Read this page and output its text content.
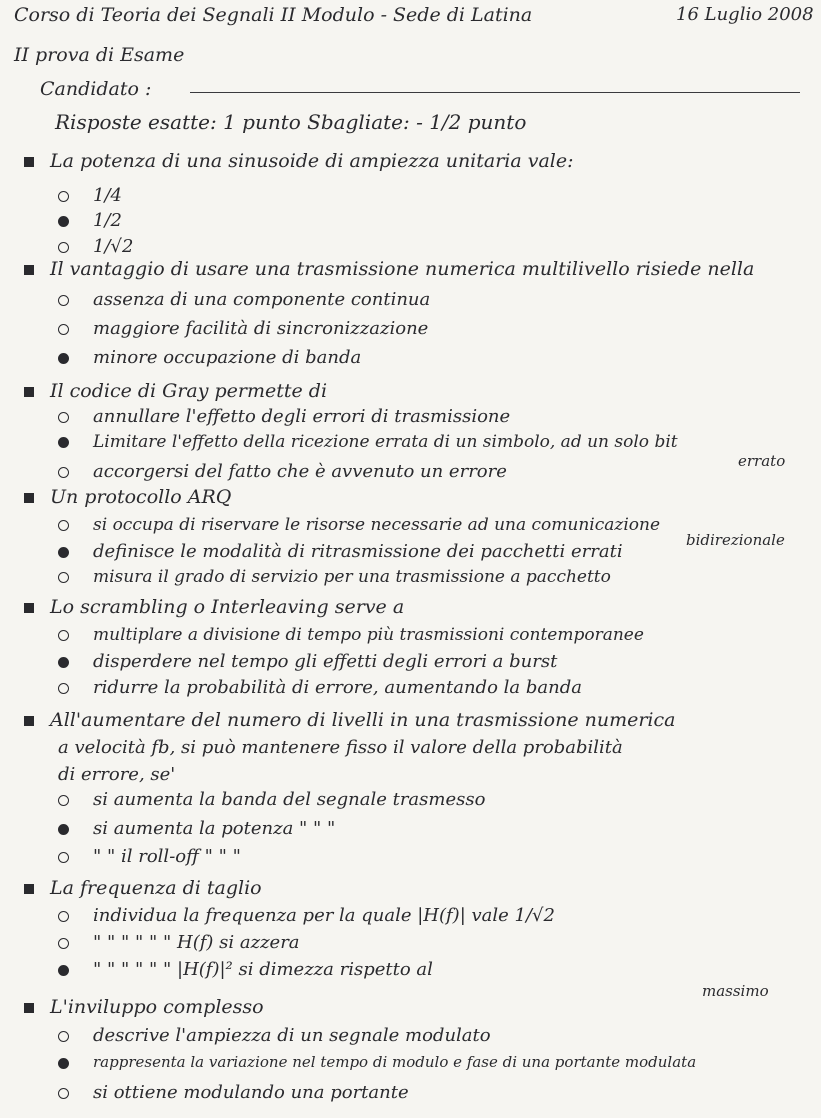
Corso di Teoria dei Segnali II Modulo - Sede di Latina	16 Luglio 2008
II prova di Esame
Candidato :
Risposte esatte: 1 punto Sbagliate: - 1/2 punto
La potenza di una sinusoide di ampiezza unitaria vale:
1/4
1/2
1/√2
Il vantaggio di usare una trasmissione numerica multilivello risiede nella
assenza di una componente continua
maggiore facilità di sincronizzazione
minore occupazione di banda
Il codice di Gray permette di
annullare l'effetto degli errori di trasmissione
Limitare l'effetto della ricezione errata di un simbolo, ad un solo bit
errato
accorgersi del fatto che è avvenuto un errore
Un protocollo ARQ
si occupa di riservare le risorse necessarie ad una comunicazione
bidirezionale
definisce le modalità di ritrasmissione dei pacchetti errati
misura il grado di servizio per una trasmissione a pacchetto
Lo scrambling o Interleaving serve a
multiplare a divisione di tempo più trasmissioni contemporanee
disperdere nel tempo gli effetti degli errori a burst
ridurre la probabilità di errore, aumentando la banda
All'aumentare del numero di livelli in una trasmissione numerica
a velocità fb, si può mantenere fisso il valore della probabilità
di errore, se'
si aumenta la banda del segnale trasmesso
si aumenta la potenza " " "
" " il roll-off " " "
La frequenza di taglio
individua la frequenza per la quale |H(f)| vale 1/√2
" " " " " " H(f) si azzera
" " " " " " |H(f)|² si dimezza rispetto al
massimo
L'inviluppo complesso
descrive l'ampiezza di un segnale modulato
rappresenta la variazione nel tempo di modulo e fase di una portante modulata
si ottiene modulando una portante
